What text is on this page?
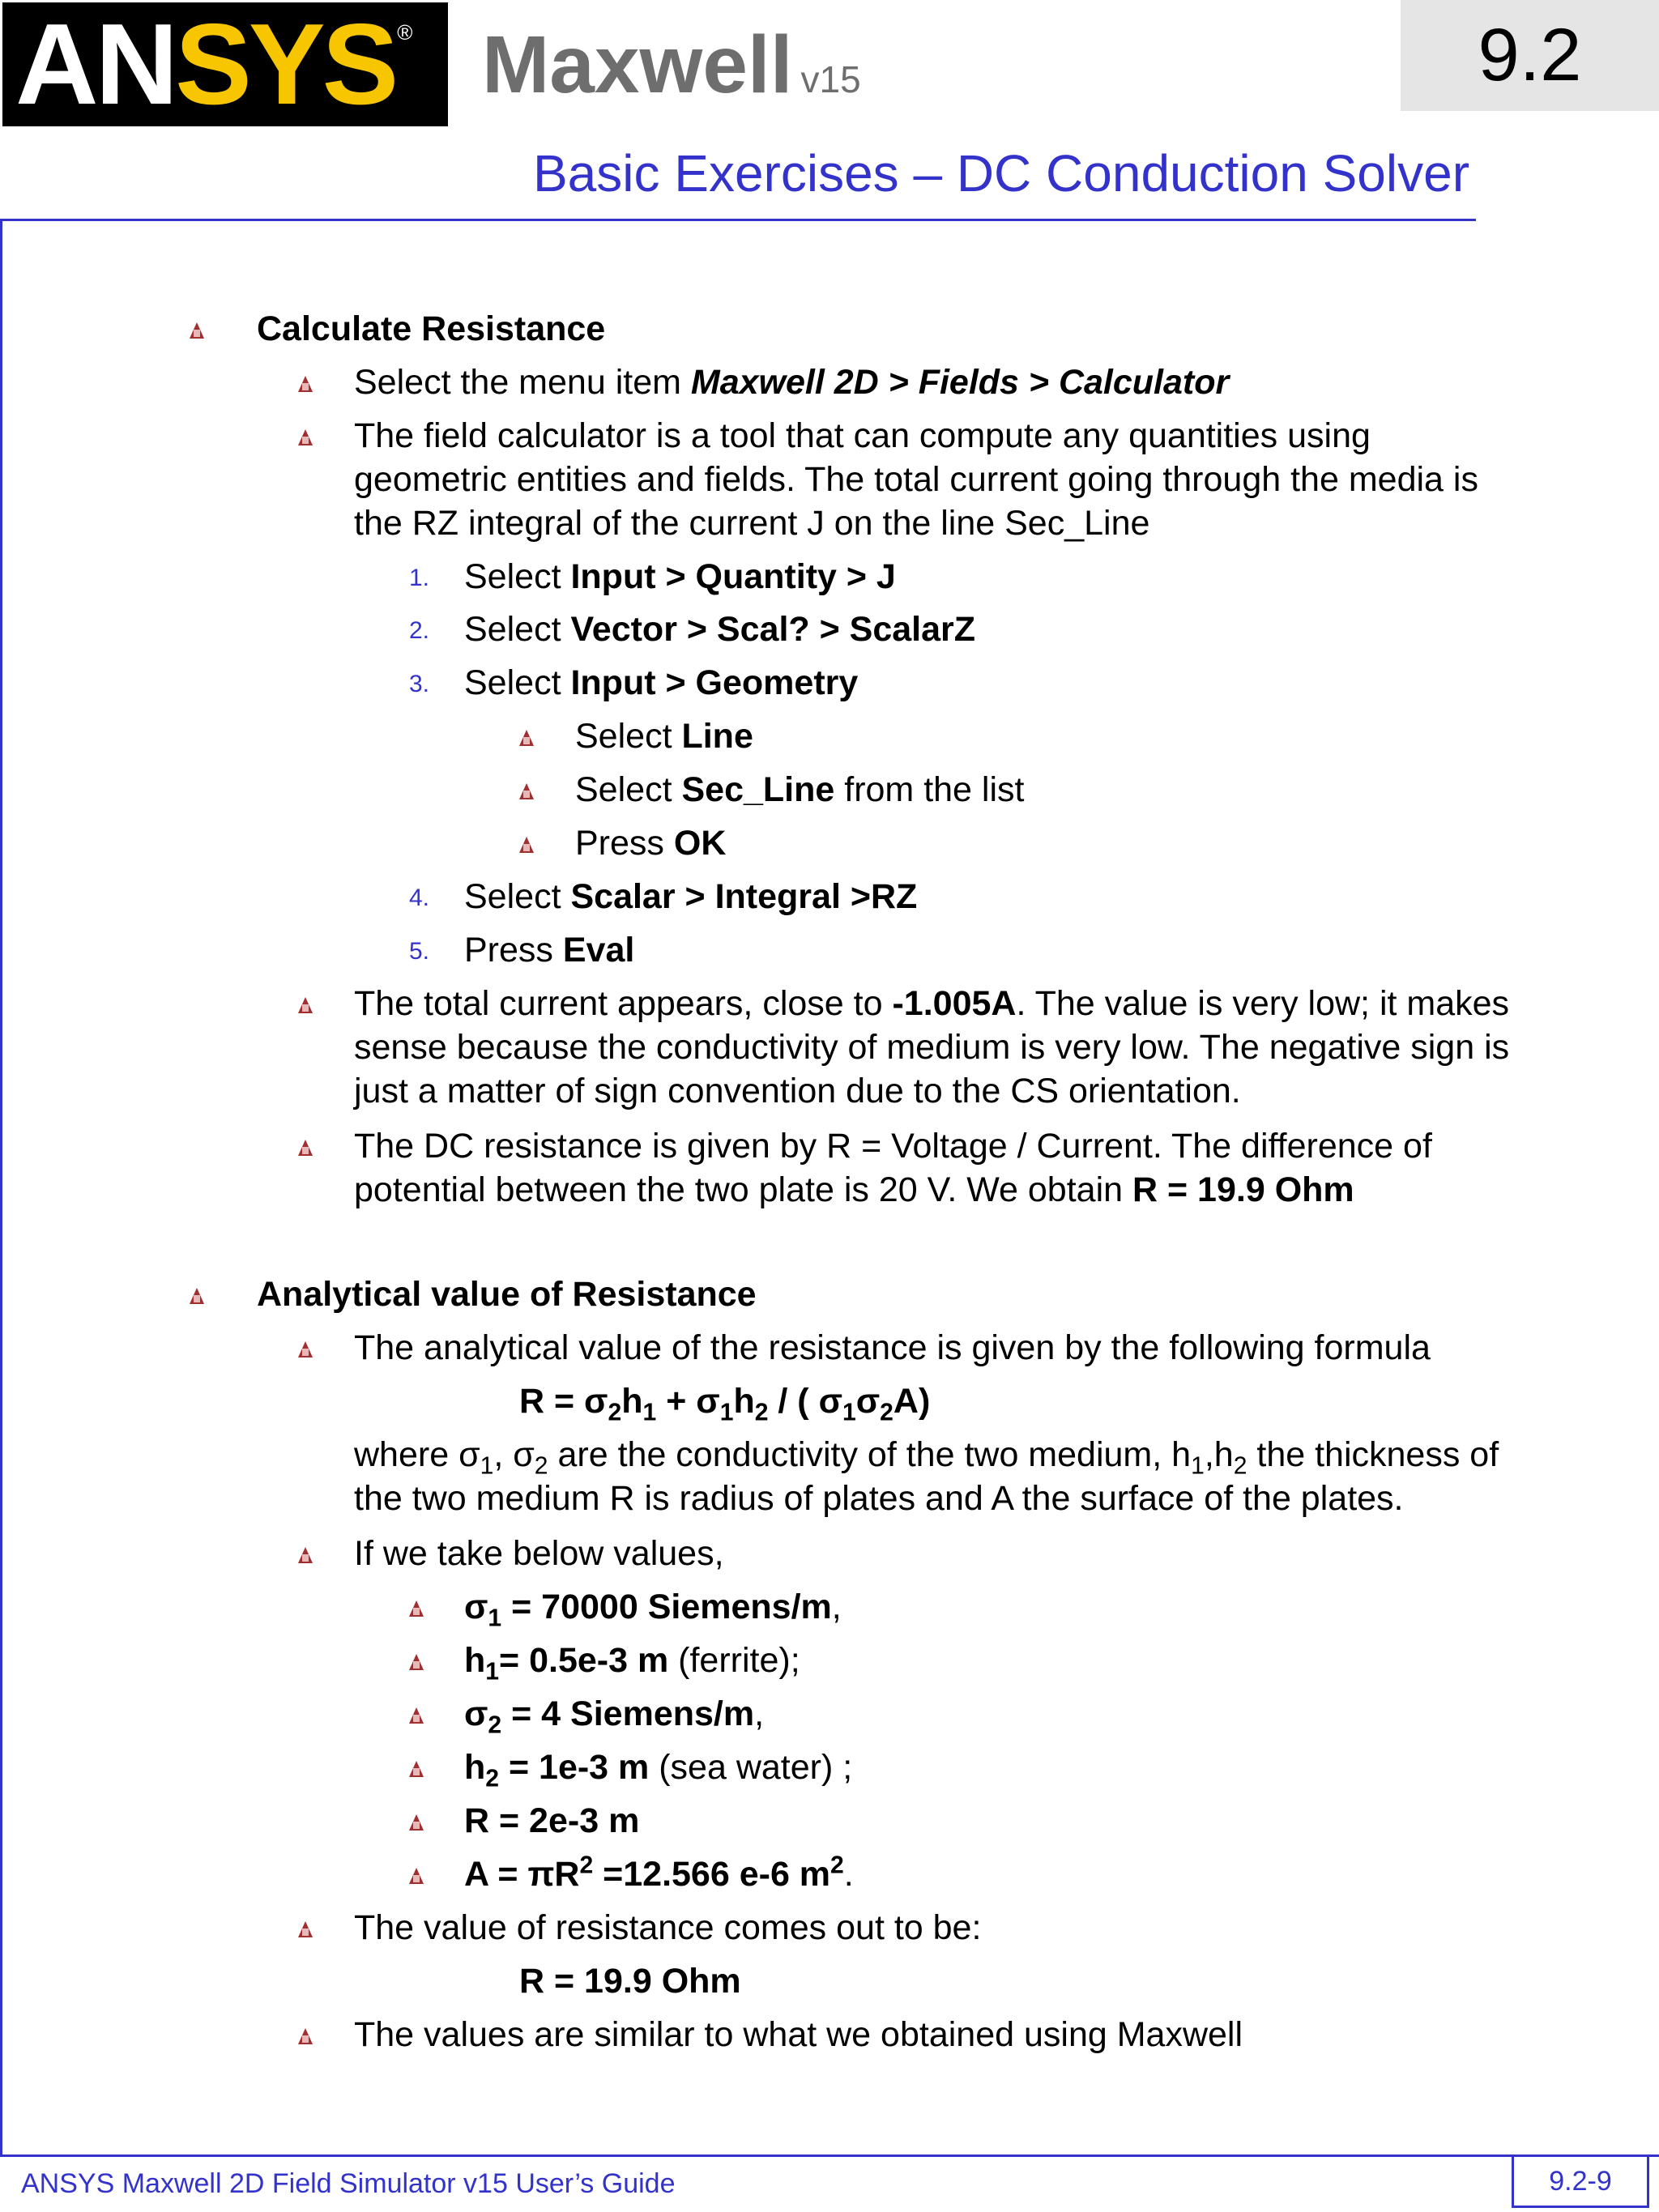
AN SYS ® Maxwell v15	9.2
Basic Exercises – DC Conduction Solver
Calculate Resistance
Select the menu item Maxwell 2D > Fields > Calculator
The field calculator is a tool that can compute any quantities using
geometric entities and fields. The total current going through the media is
the RZ integral of the current J on the line Sec_Line
1. Select Input > Quantity > J
2. Select Vector > Scal? > ScalarZ
3. Select Input > Geometry
Select Line
Select Sec_Line from the list
Press OK
4. Select Scalar > Integral >RZ
5. Press Eval
The total current appears, close to -1.005A. The value is very low; it makes
sense because the conductivity of medium is very low. The negative sign is
just a matter of sign convention due to the CS orientation.
The DC resistance is given by R = Voltage / Current. The difference of
potential between the two plate is 20 V. We obtain R = 19.9 Ohm
Analytical value of Resistance
The analytical value of the resistance is given by the following formula
$R = \sigma_2h_1 + \sigma_1h_2$ / ( $\sigma_1\sigma_2A$)
where $\sigma_1$, $\sigma_2$ are the conductivity of the two medium, $h_1,h_2$ the thickness of
the two medium R is radius of plates and A the surface of the plates.
If we take below values,
$\sigma_1 = 70000$ Siemens/m,
$h_1= 0.5e-3$ m (ferrite);
$\sigma_2 = 4$ Siemens/m,
$h_2 = 1e-3$ m (sea water) ;
R = 2e-3 m
$A = \pi R^2 =12.566$ e-6 $m^2$.
The value of resistance comes out to be:
R = 19.9 Ohm
The values are similar to what we obtained using Maxwell
ANSYS Maxwell 2D Field Simulator v15 User’s Guide	9.2-9
